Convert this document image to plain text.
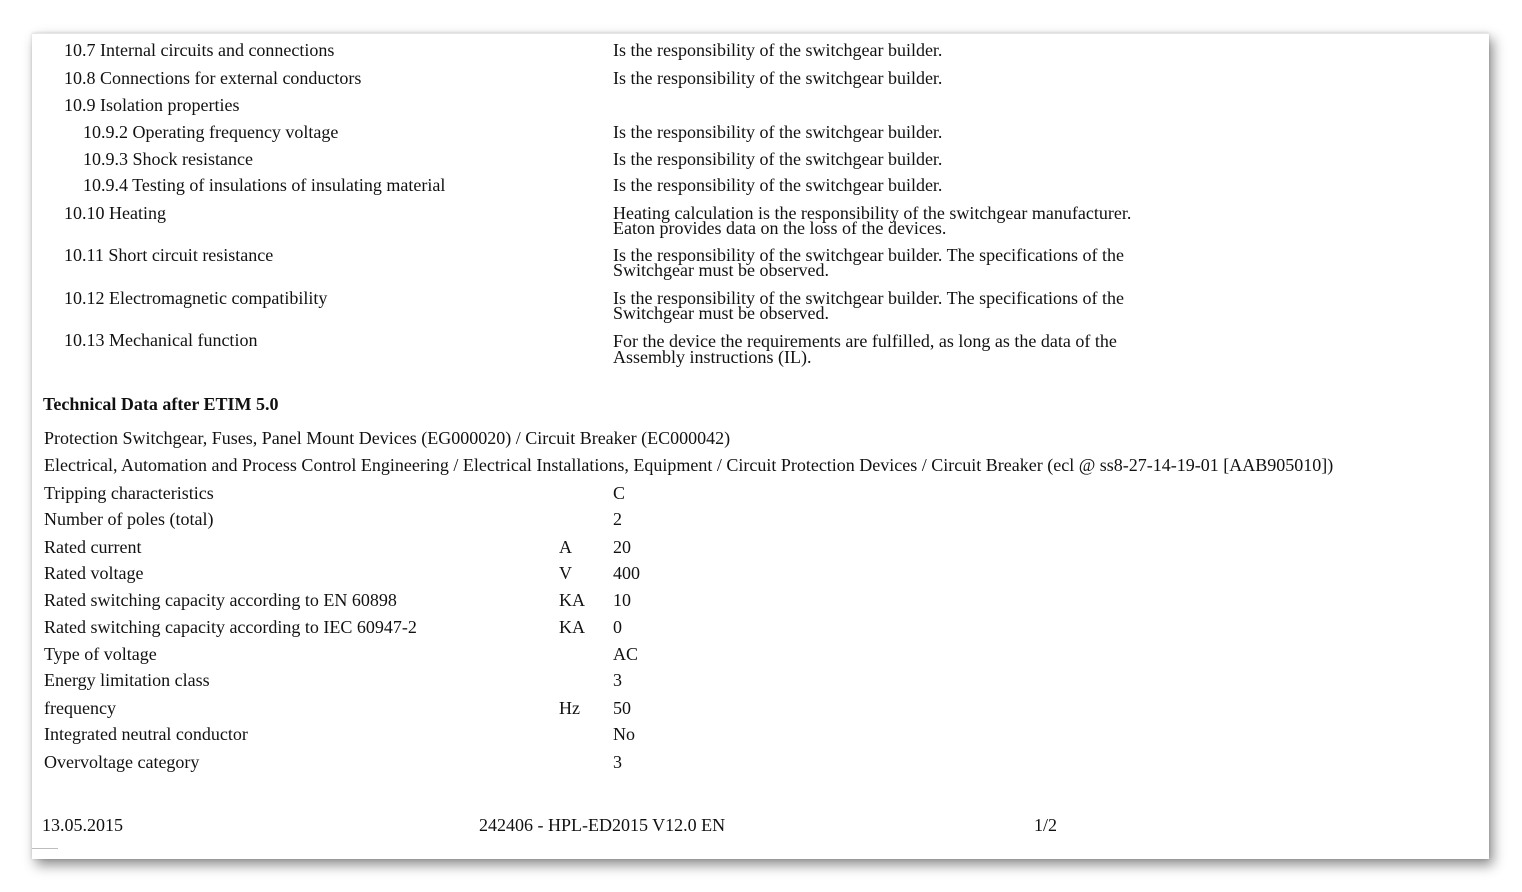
10.7 Internal circuits and connections	Is the responsibility of the switchgear builder.
10.8 Connections for external conductors	Is the responsibility of the switchgear builder.
10.9 Isolation properties
10.9.2 Operating frequency voltage	Is the responsibility of the switchgear builder.
10.9.3 Shock resistance	Is the responsibility of the switchgear builder.
10.9.4 Testing of insulations of insulating material	Is the responsibility of the switchgear builder.
10.10 Heating	Heating calculation is the responsibility of the switchgear manufacturer.
Eaton provides data on the loss of the devices.
10.11 Short circuit resistance	Is the responsibility of the switchgear builder. The specifications of the
Switchgear must be observed.
10.12 Electromagnetic compatibility	Is the responsibility of the switchgear builder. The specifications of the
Switchgear must be observed.
10.13 Mechanical function	For the device the requirements are fulfilled, as long as the data of the
Assembly instructions (IL).
Technical Data after ETIM 5.0
Protection Switchgear, Fuses, Panel Mount Devices (EG000020) / Circuit Breaker (EC000042)
Electrical, Automation and Process Control Engineering / Electrical Installations, Equipment / Circuit Protection Devices / Circuit Breaker (ecl @ ss8-27-14-19-01 [AAB905010])
Tripping characteristics	C
Number of poles (total)	2
Rated current	A 20
Rated voltage	V 400
Rated switching capacity according to EN 60898	KA 10
Rated switching capacity according to IEC 60947-2	KA 0
Type of voltage	AC
Energy limitation class	3
frequency	Hz 50
Integrated neutral conductor	No
Overvoltage category	3
13.05.2015	242406 - HPL-ED2015 V12.0 EN	1/2
